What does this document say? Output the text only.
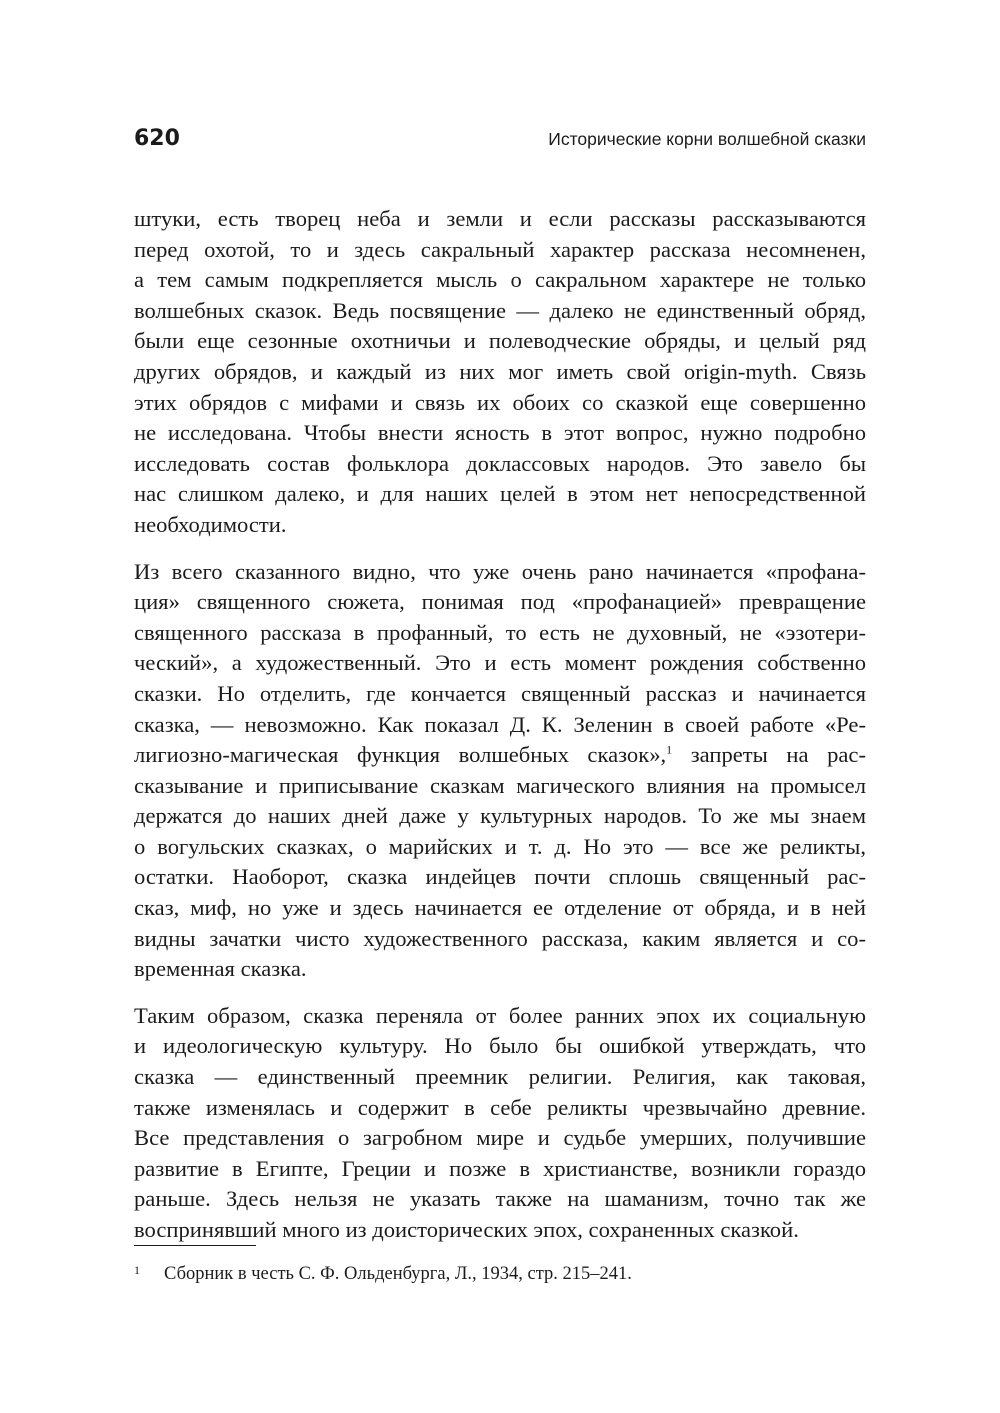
620	Исторические корни волшебной сказки

штуки, есть творец неба и земли и если рассказы рассказываются
перед охотой, то и здесь сакральный характер рассказа несомненен,
а тем самым подкрепляется мысль о сакральном характере не только
волшебных сказок. Ведь посвящение — далеко не единственный обряд,
были еще сезонные охотничьи и полеводческие обряды, и целый ряд
других обрядов, и каждый из них мог иметь свой origin-myth. Связь
этих обрядов с мифами и связь их обоих со сказкой еще совершенно
не исследована. Чтобы внести ясность в этот вопрос, нужно подробно
исследовать состав фольклора доклассовых народов. Это завело бы
нас слишком далеко, и для наших целей в этом нет непосредственной
необходимости.

Из всего сказанного видно, что уже очень рано начинается «профана-
ция» священного сюжета, понимая под «профанацией» превращение
священного рассказа в профанный, то есть не духовный, не «эзотери-
ческий», а художественный. Это и есть момент рождения собственно
сказки. Но отделить, где кончается священный рассказ и начинается
сказка, — невозможно. Как показал Д. К. Зеленин в своей работе «Ре-
лигиозно-магическая функция волшебных сказок»,$^1$ запреты на рас-
сказывание и приписывание сказкам магического влияния на промысел
держатся до наших дней даже у культурных народов. То же мы знаем
о вогульских сказках, о марийских и т. д. Но это — все же реликты,
остатки. Наоборот, сказка индейцев почти сплошь священный рас-
сказ, миф, но уже и здесь начинается ее отделение от обряда, и в ней
видны зачатки чисто художественного рассказа, каким является и со-
временная сказка.

Таким образом, сказка переняла от более ранних эпох их социальную
и идеологическую культуру. Но было бы ошибкой утверждать, что
сказка — единственный преемник религии. Религия, как таковая,
также изменялась и содержит в себе реликты чрезвычайно древние.
Все представления о загробном мире и судьбе умерших, получившие
развитие в Египте, Греции и позже в христианстве, возникли гораздо
раньше. Здесь нельзя не указать также на шаманизм, точно так же
воспринявший много из доисторических эпох, сохраненных сказкой.

1	Сборник в честь С. Ф. Ольденбурга, Л., 1934, стр. 215–241.
